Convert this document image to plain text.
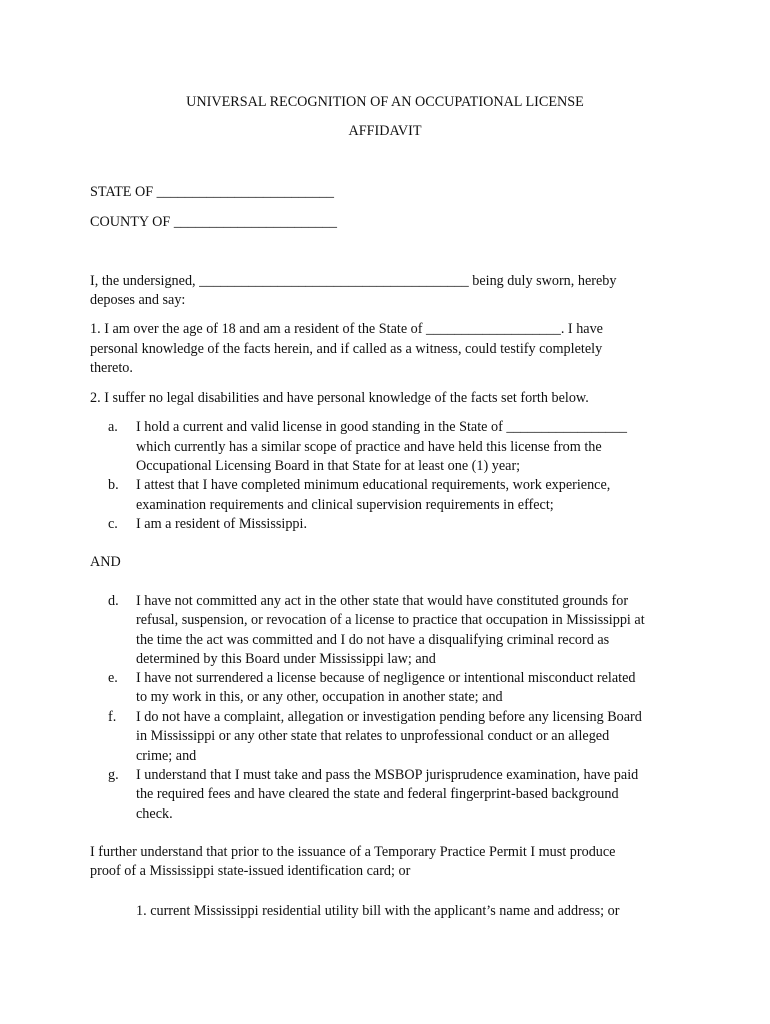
UNIVERSAL RECOGNITION OF AN OCCUPATIONAL LICENSE
AFFIDAVIT
STATE OF _________________________
COUNTY OF _______________________
I, the undersigned, ______________________________________ being duly sworn, hereby
deposes and say:
1. I am over the age of 18 and am a resident of the State of ___________________. I have
personal knowledge of the facts herein, and if called as a witness, could testify completely
thereto.
2. I suffer no legal disabilities and have personal knowledge of the facts set forth below.
a.	I hold a current and valid license in good standing in the State of _________________
which currently has a similar scope of practice and have held this license from the
Occupational Licensing Board in that State for at least one (1) year;
b.	I attest that I have completed minimum educational requirements, work experience,
examination requirements and clinical supervision requirements in effect;
c.	I am a resident of Mississippi.
AND
d.	I have not committed any act in the other state that would have constituted grounds for
refusal, suspension, or revocation of a license to practice that occupation in Mississippi at
the time the act was committed and I do not have a disqualifying criminal record as
determined by this Board under Mississippi law; and
e.	I have not surrendered a license because of negligence or intentional misconduct related
to my work in this, or any other, occupation in another state; and
f.	I do not have a complaint, allegation or investigation pending before any licensing Board
in Mississippi or any other state that relates to unprofessional conduct or an alleged
crime; and
g.	I understand that I must take and pass the MSBOP jurisprudence examination, have paid
the required fees and have cleared the state and federal fingerprint-based background
check.
I further understand that prior to the issuance of a Temporary Practice Permit I must produce
proof of a Mississippi state-issued identification card; or
1. current Mississippi residential utility bill with the applicant’s name and address; or
